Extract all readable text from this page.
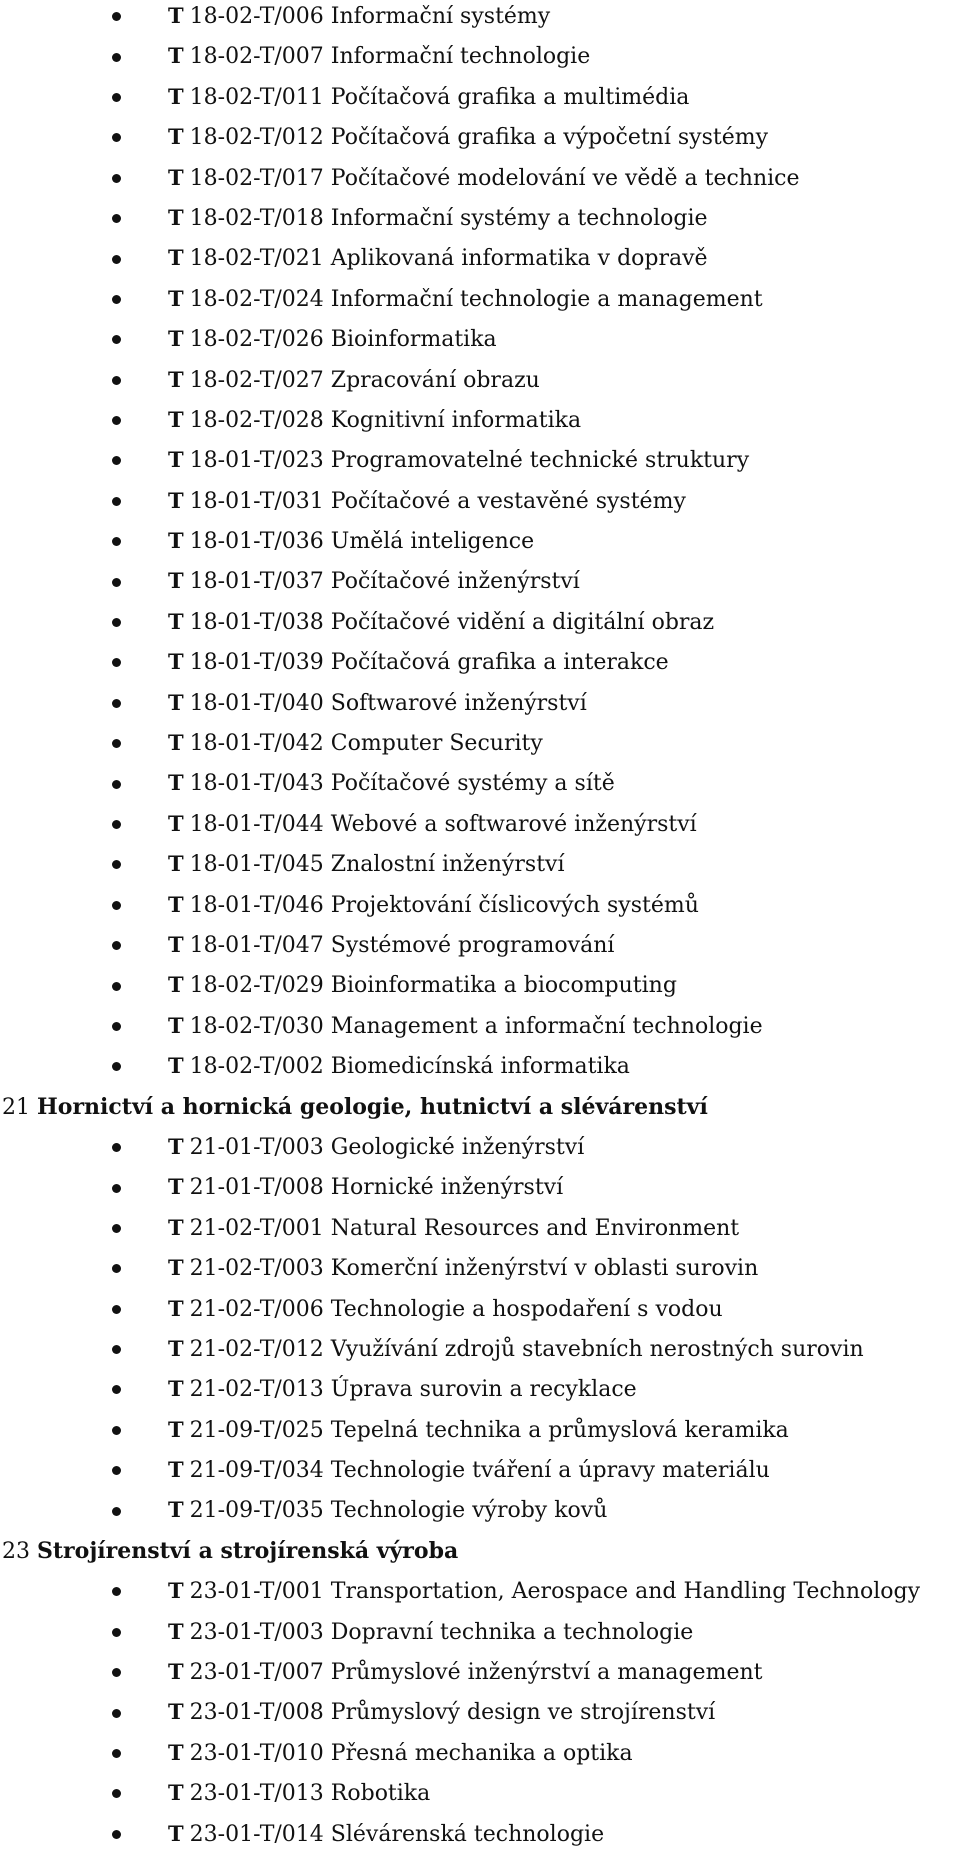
T 18-02-T/006 Informační systémy
T 18-02-T/007 Informační technologie
T 18-02-T/011 Počítačová grafika a multimédia
T 18-02-T/012 Počítačová grafika a výpočetní systémy
T 18-02-T/017 Počítačové modelování ve vědě a technice
T 18-02-T/018 Informační systémy a technologie
T 18-02-T/021 Aplikovaná informatika v dopravě
T 18-02-T/024 Informační technologie a management
T 18-02-T/026 Bioinformatika
T 18-02-T/027 Zpracování obrazu
T 18-02-T/028 Kognitivní informatika
T 18-01-T/023 Programovatelné technické struktury
T 18-01-T/031 Počítačové a vestavěné systémy
T 18-01-T/036 Umělá inteligence
T 18-01-T/037 Počítačové inženýrství
T 18-01-T/038 Počítačové vidění a digitální obraz
T 18-01-T/039 Počítačová grafika a interakce
T 18-01-T/040 Softwarové inženýrství
T 18-01-T/042 Computer Security
T 18-01-T/043 Počítačové systémy a sítě
T 18-01-T/044 Webové a softwarové inženýrství
T 18-01-T/045 Znalostní inženýrství
T 18-01-T/046 Projektování číslicových systémů
T 18-01-T/047 Systémové programování
T 18-02-T/029 Bioinformatika a biocomputing
T 18-02-T/030 Management a informační technologie
T 18-02-T/002 Biomedicínská informatika
21 Hornictví a hornická geologie, hutnictví a slévárenství
T 21-01-T/003 Geologické inženýrství
T 21-01-T/008 Hornické inženýrství
T 21-02-T/001 Natural Resources and Environment
T 21-02-T/003 Komerční inženýrství v oblasti surovin
T 21-02-T/006 Technologie a hospodaření s vodou
T 21-02-T/012 Využívání zdrojů stavebních nerostných surovin
T 21-02-T/013 Úprava surovin a recyklace
T 21-09-T/025 Tepelná technika a průmyslová keramika
T 21-09-T/034 Technologie tváření a úpravy materiálu
T 21-09-T/035 Technologie výroby kovů
23 Strojírenství a strojírenská výroba
T 23-01-T/001 Transportation, Aerospace and Handling Technology
T 23-01-T/003 Dopravní technika a technologie
T 23-01-T/007 Průmyslové inženýrství a management
T 23-01-T/008 Průmyslový design ve strojírenství
T 23-01-T/010 Přesná mechanika a optika
T 23-01-T/013 Robotika
T 23-01-T/014 Slévárenská technologie
